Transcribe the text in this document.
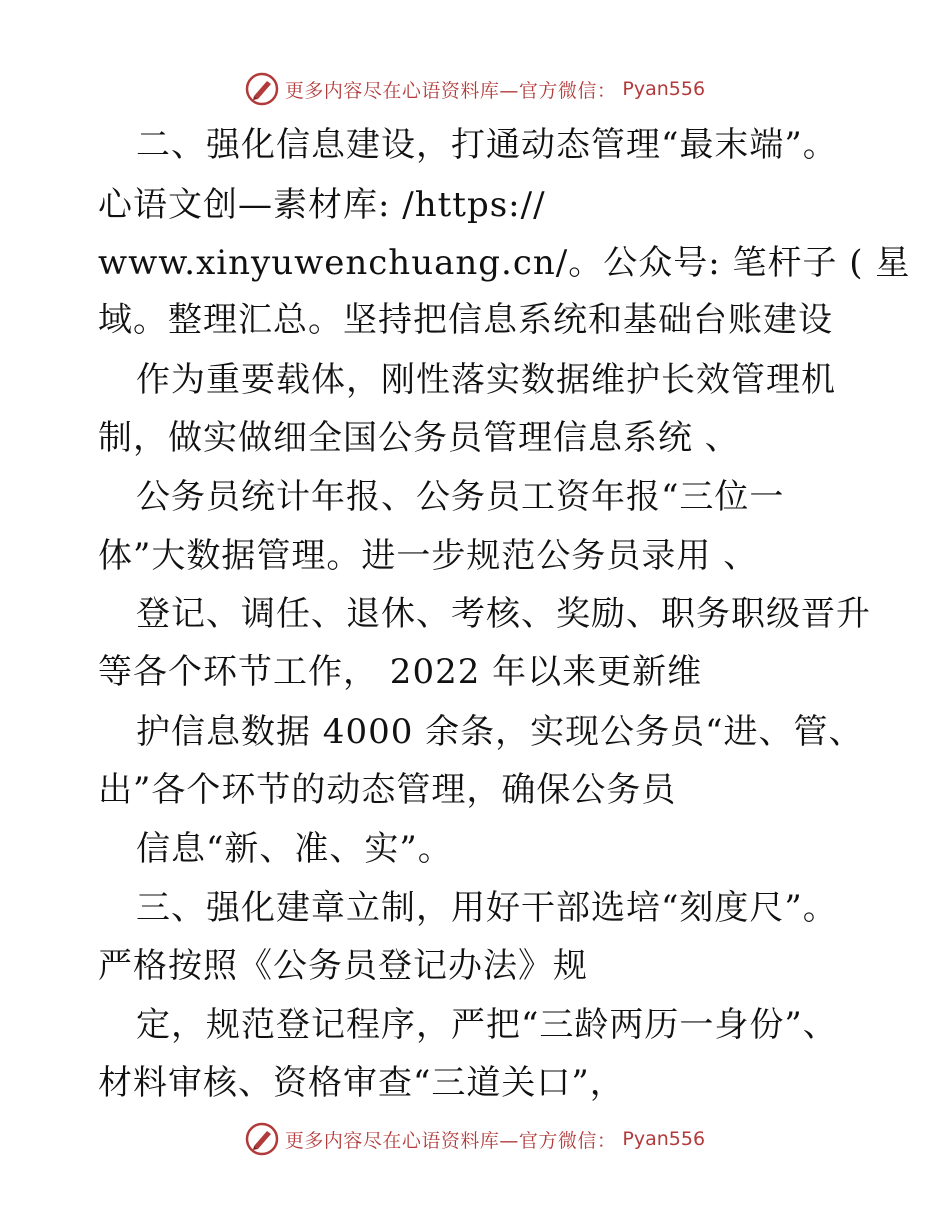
更多内容尽在心语资料库—官方微信： Pyan556
二、强化信息建设，打通动态管理“最末端”。
心语文创—素材库: /https://
www.xinyuwenchuang.cn/。公众号: 笔杆子 ( 星
域。整理汇总。坚持把信息系统和基础台账建设
作为重要载体，刚性落实数据维护长效管理机
制，做实做细全国公务员管理信息系统 、
公务员统计年报、公务员工资年报“三位一
体”大数据管理。进一步规范公务员录用 、
登记、调任、退休、考核、奖励、职务职级晋升
等各个环节工作， 2022 年以来更新维
护信息数据 4000 余条，实现公务员“进、管、
出”各个环节的动态管理，确保公务员
信息“新、准、实”。
三、强化建章立制，用好干部选培“刻度尺”。
严格按照《公务员登记办法》规
定，规范登记程序，严把“三龄两历一身份”、
材料审核、资格审查“三道关口”，
更多内容尽在心语资料库—官方微信： Pyan556
